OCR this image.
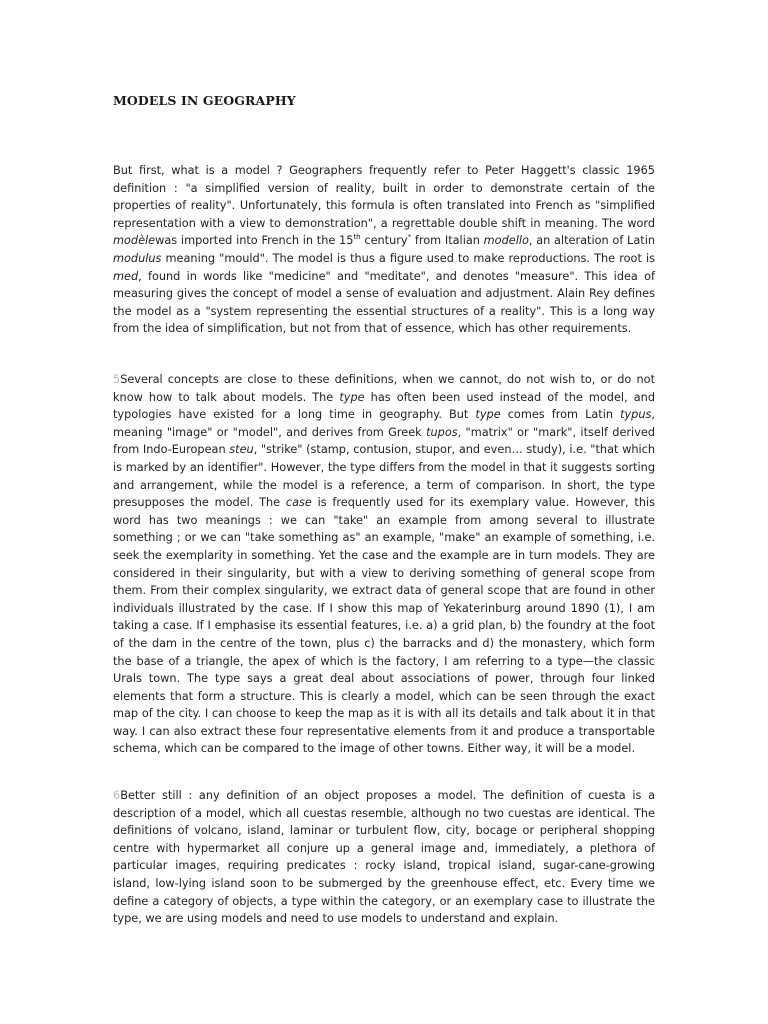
MODELS IN GEOGRAPHY

But first, what is a model ? Geographers frequently refer to Peter Haggett's classic 1965 definition : "a simplified version of reality, built in order to demonstrate certain of the properties of reality". Unfortunately, this formula is often translated into French as "simplified representation with a view to demonstration", a regrettable double shift in meaning. The word modèlewas imported into French in the 15th century* from Italian modello, an alteration of Latin modulus meaning "mould". The model is thus a figure used to make reproductions. The root is med, found in words like "medicine" and "meditate", and denotes "measure". This idea of measuring gives the concept of model a sense of evaluation and adjustment. Alain Rey defines the model as a "system representing the essential structures of a reality". This is a long way from the idea of simplification, but not from that of essence, which has other requirements.

5Several concepts are close to these definitions, when we cannot, do not wish to, or do not know how to talk about models. The type has often been used instead of the model, and typologies have existed for a long time in geography. But type comes from Latin typus, meaning "image" or "model", and derives from Greek tupos, "matrix" or "mark", itself derived from Indo-European steu, "strike" (stamp, contusion, stupor, and even… study), i.e. "that which is marked by an identifier". However, the type differs from the model in that it suggests sorting and arrangement, while the model is a reference, a term of comparison. In short, the type presupposes the model. The case is frequently used for its exemplary value. However, this word has two meanings : we can "take" an example from among several to illustrate something ; or we can "take something as" an example, "make" an example of something, i.e. seek the exemplarity in something. Yet the case and the example are in turn models. They are considered in their singularity, but with a view to deriving something of general scope from them. From their complex singularity, we extract data of general scope that are found in other individuals illustrated by the case. If I show this map of Yekaterinburg around 1890 (1), I am taking a case. If I emphasise its essential features, i.e. a) a grid plan, b) the foundry at the foot of the dam in the centre of the town, plus c) the barracks and d) the monastery, which form the base of a triangle, the apex of which is the factory, I am referring to a type—the classic Urals town. The type says a great deal about associations of power, through four linked elements that form a structure. This is clearly a model, which can be seen through the exact map of the city. I can choose to keep the map as it is with all its details and talk about it in that way. I can also extract these four representative elements from it and produce a transportable schema, which can be compared to the image of other towns. Either way, it will be a model.

6Better still : any definition of an object proposes a model. The definition of cuesta is a description of a model, which all cuestas resemble, although no two cuestas are identical. The definitions of volcano, island, laminar or turbulent flow, city, bocage or peripheral shopping centre with hypermarket all conjure up a general image and, immediately, a plethora of particular images, requiring predicates : rocky island, tropical island, sugar-cane-growing island, low-lying island soon to be submerged by the greenhouse effect, etc. Every time we define a category of objects, a type within the category, or an exemplary case to illustrate the type, we are using models and need to use models to understand and explain.
